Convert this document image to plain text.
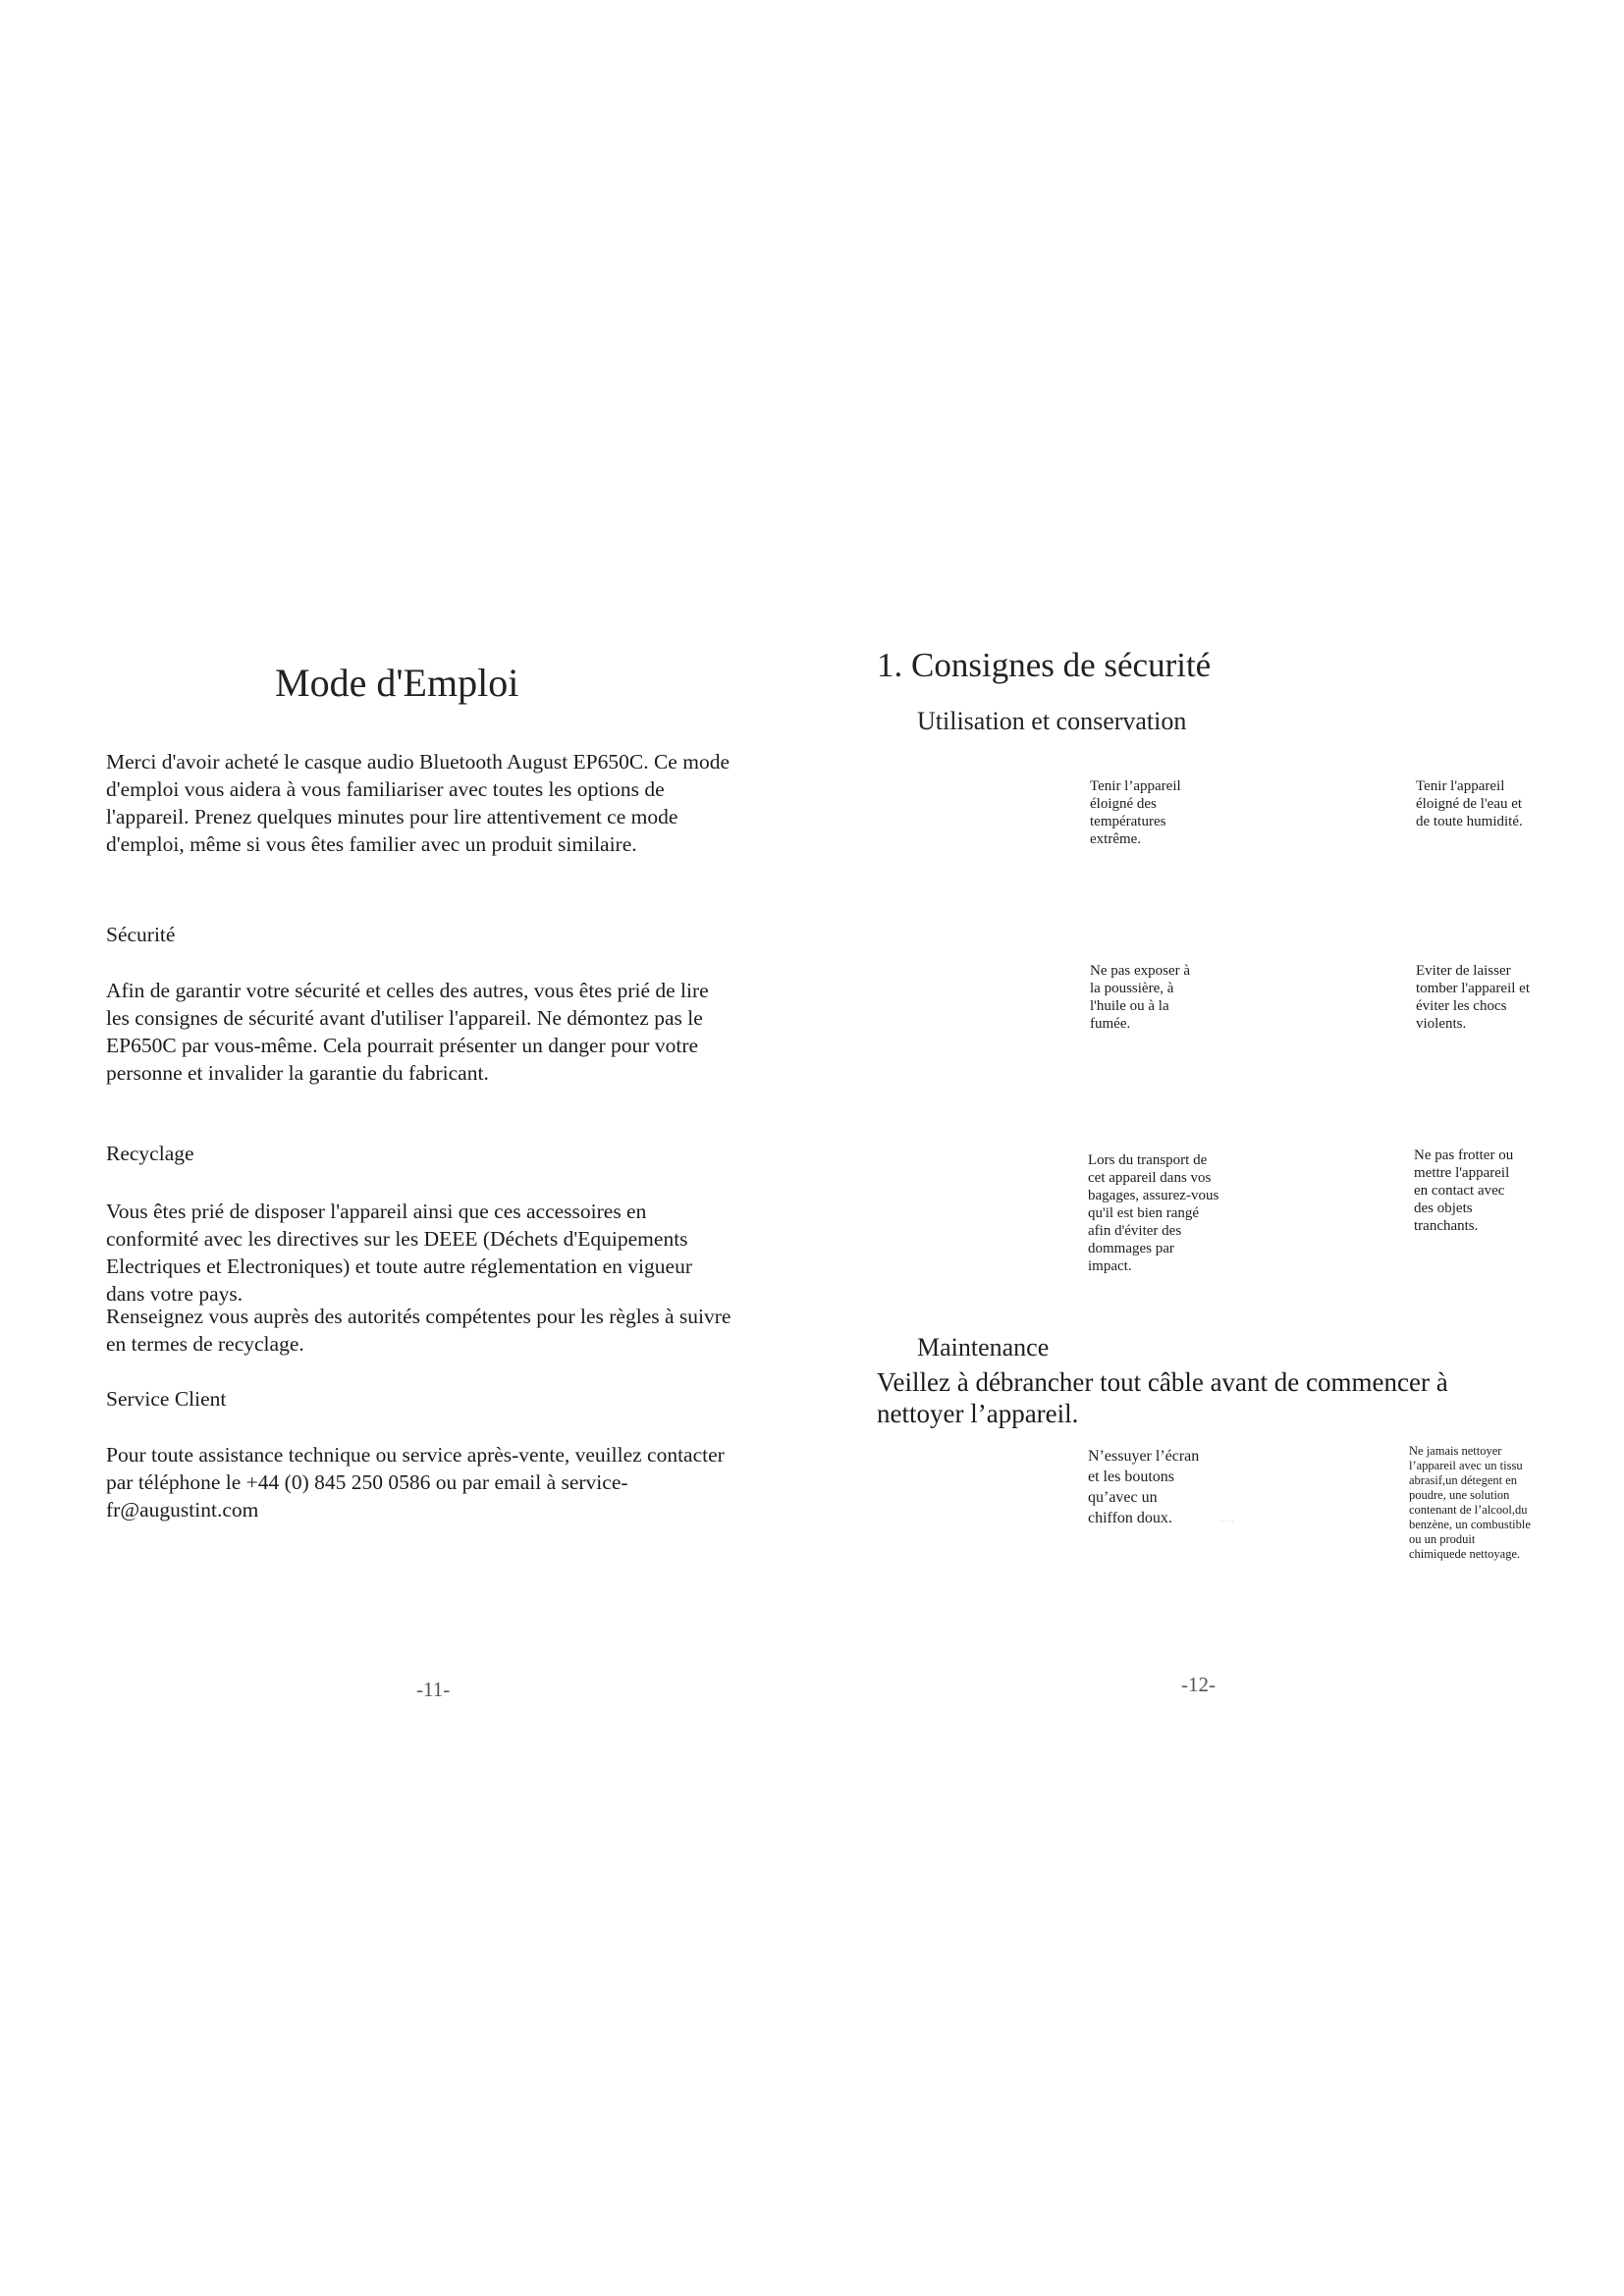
Mode d'Emploi

Merci d'avoir acheté le casque audio Bluetooth August EP650C. Ce mode d'emploi vous aidera à vous familiariser avec toutes les options de l'appareil. Prenez quelques minutes pour lire attentivement ce mode d'emploi, même si vous êtes familier avec un produit similaire.

Sécurité

Afin de garantir votre sécurité et celles des autres, vous êtes prié de lire les consignes de sécurité avant d'utiliser l'appareil. Ne démontez pas le EP650C par vous-même. Cela pourrait présenter un danger pour votre personne et invalider la garantie du fabricant.

Recyclage

Vous êtes prié de disposer l'appareil ainsi que ces accessoires en conformité avec les directives sur les DEEE (Déchets d'Equipements Electriques et Electroniques) et toute autre réglementation en vigueur dans votre pays.

Renseignez vous auprès des autorités compétentes pour les règles à suivre en termes de recyclage.

Service Client

Pour toute assistance technique ou service après-vente, veuillez contacter par téléphone le +44 (0) 845 250 0586 ou par email à service-fr@augustint.com

-11-

1. Consignes de sécurité

Utilisation et conservation

Tenir l’appareil éloigné des températures extrême.

Tenir l'appareil éloigné de l'eau et de toute humidité.

Ne pas exposer à la poussière, à l'huile ou à la fumée.

Eviter de laisser tomber l'appareil et éviter les chocs violents.

Lors du transport de cet appareil dans vos bagages, assurez-vous qu'il est bien rangé afin d'éviter des dommages par impact.

Ne pas frotter ou mettre l'appareil en contact avec des objets tranchants.

Maintenance

Veillez à débrancher tout câble avant de commencer à nettoyer l’appareil.

N’essuyer l’écran et les boutons qu’avec un chiffon doux.	· · · · ·

Ne jamais nettoyer l’appareil avec un tissu abrasif,un détegent en poudre, une solution contenant de l’alcool,du benzène, un combustible ou un produit chimiquede nettoyage.

-12-
